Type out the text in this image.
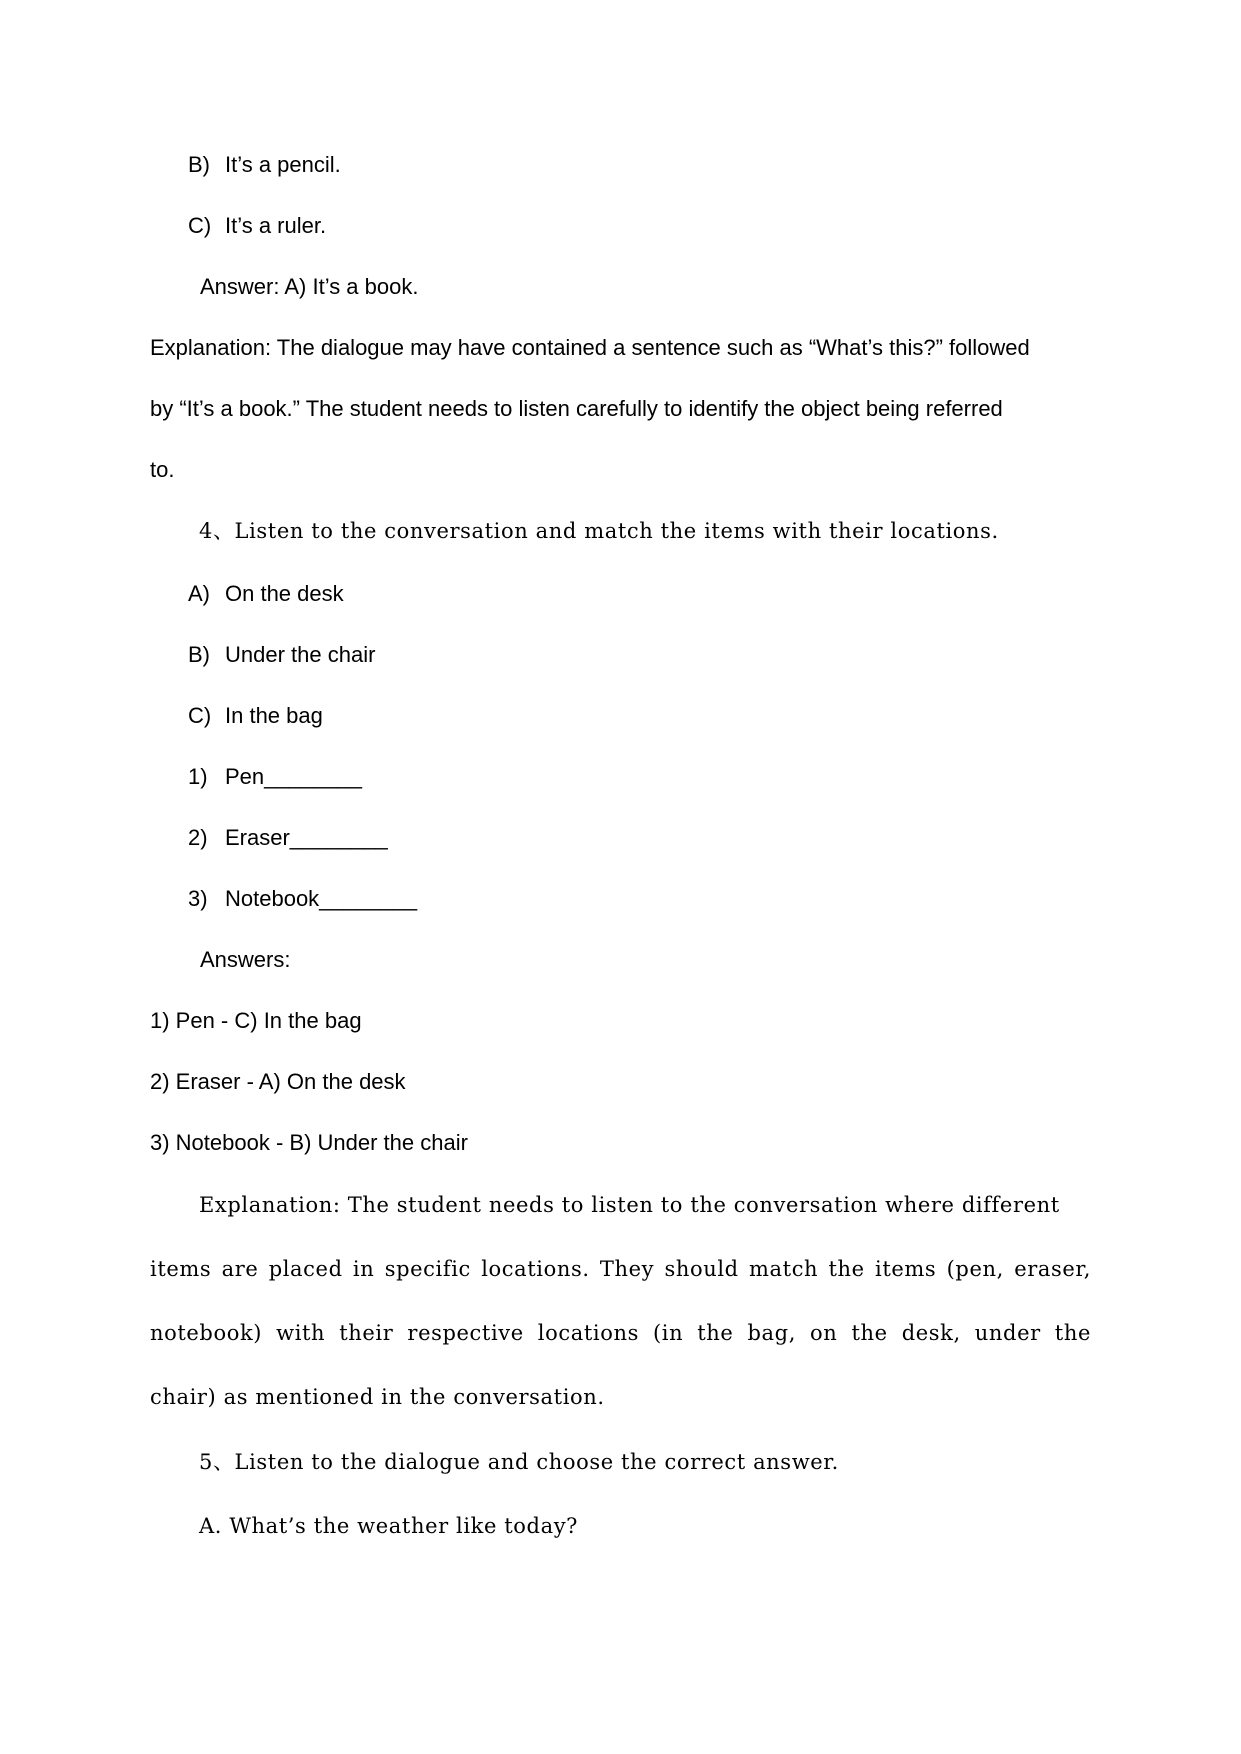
B) It’s a pencil.
C) It’s a ruler.
Answer: A) It’s a book.
Explanation: The dialogue may have contained a sentence such as “What’s this?” followed
by “It’s a book.” The student needs to listen carefully to identify the object being referred
to.
4、Listen to the conversation and match the items with their locations.
A) On the desk
B) Under the chair
C) In the bag
1) Pen________
2) Eraser________
3) Notebook________
Answers:
1) Pen - C) In the bag
2) Eraser - A) On the desk
3) Notebook - B) Under the chair
Explanation: The student needs to listen to the conversation where different
items are placed in specific locations. They should match the items (pen, eraser,
notebook) with their respective locations (in the bag, on the desk, under the
chair) as mentioned in the conversation.
5、Listen to the dialogue and choose the correct answer.
A. What’s the weather like today?
